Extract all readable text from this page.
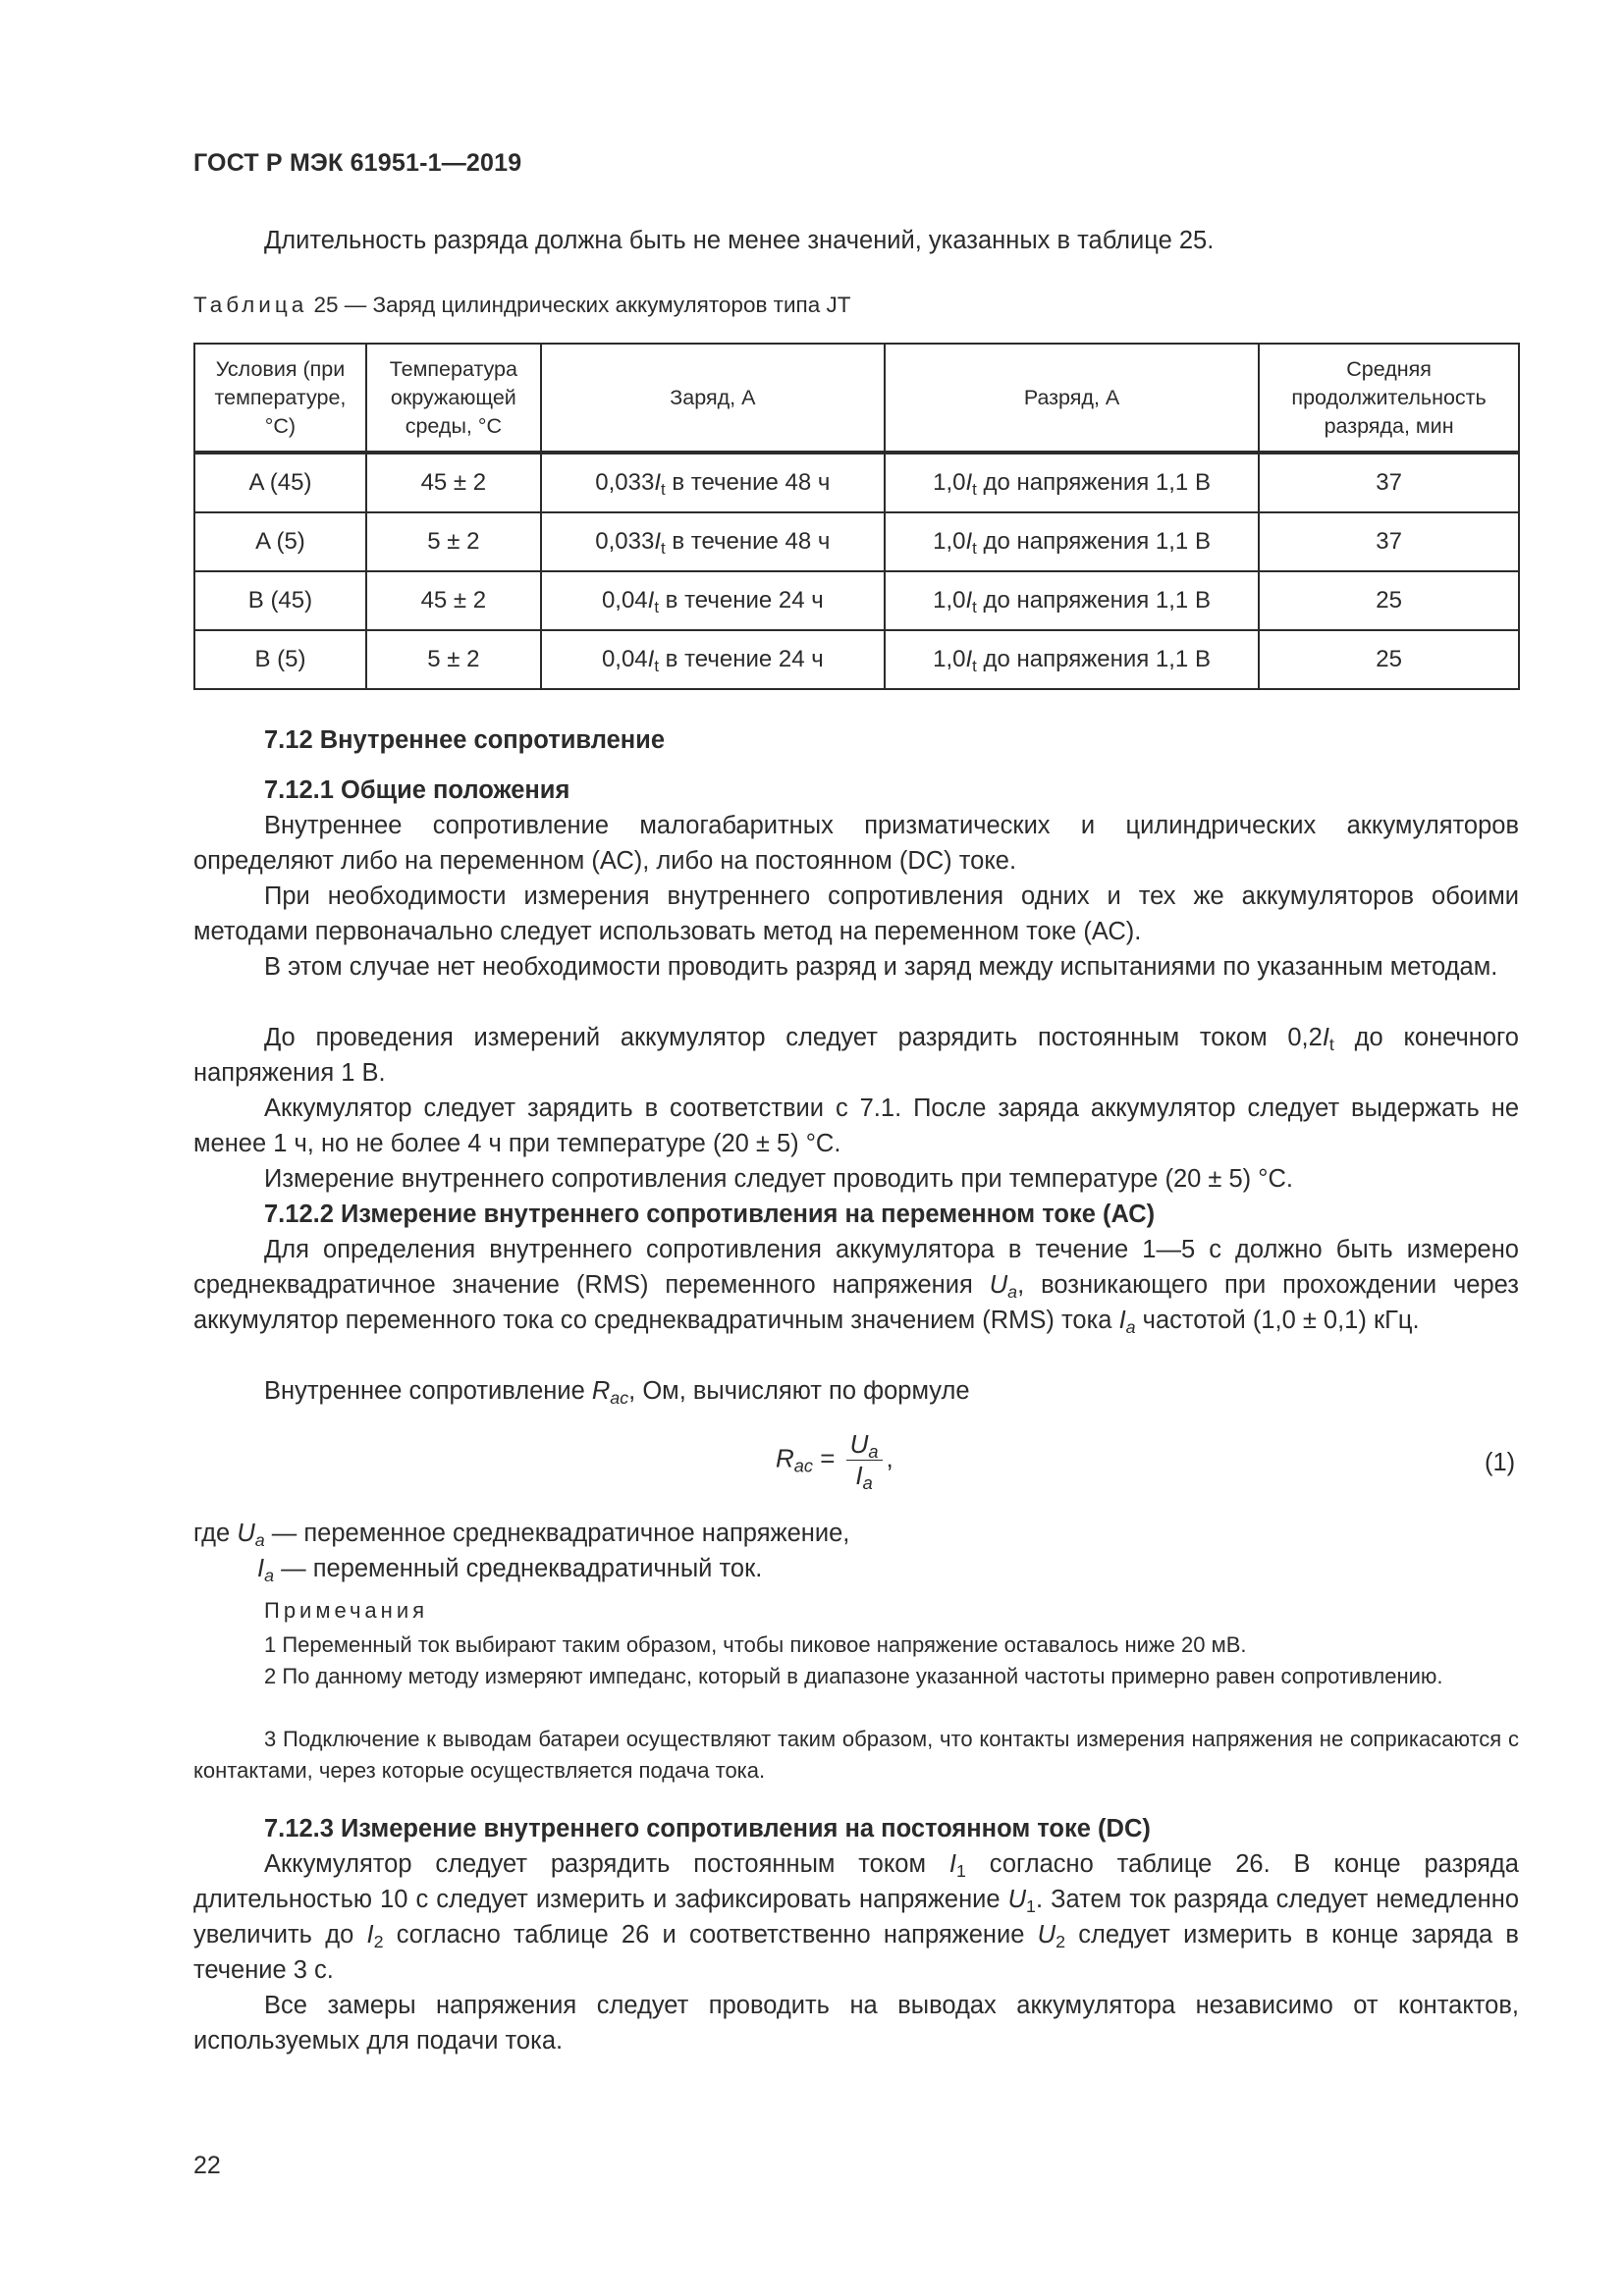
ГОСТ Р МЭК 61951-1—2019
Длительность разряда должна быть не менее значений, указанных в таблице 25.
Таблица 25 — Заряд цилиндрических аккумуляторов типа JT
Условия (при температуре, °С)	Температура окружающей среды, °С	Заряд, А	Разряд, А	Средняя продолжительность разряда, мин
A (45)	45 ± 2	$0,033I_t$ в течение 48 ч	$1,0I_t$ до напряжения 1,1 В	37
A (5)	5 ± 2	$0,033I_t$ в течение 48 ч	$1,0I_t$ до напряжения 1,1 В	37
B (45)	45 ± 2	$0,04I_t$ в течение 24 ч	$1,0I_t$ до напряжения 1,1 В	25
B (5)	5 ± 2	$0,04I_t$ в течение 24 ч	$1,0I_t$ до напряжения 1,1 В	25
7.12 Внутреннее сопротивление
7.12.1 Общие положения
Внутреннее сопротивление малогабаритных призматических и цилиндрических аккумуляторов определяют либо на переменном (АС), либо на постоянном (DC) токе.
При необходимости измерения внутреннего сопротивления одних и тех же аккумуляторов обоими методами первоначально следует использовать метод на переменном токе (АС).
В этом случае нет необходимости проводить разряд и заряд между испытаниями по указанным методам.
До проведения измерений аккумулятор следует разрядить постоянным током $0,2I_t$ до конечного напряжения 1 В.
Аккумулятор следует зарядить в соответствии с 7.1. После заряда аккумулятор следует выдержать не менее 1 ч, но не более 4 ч при температуре (20 ± 5) °С.
Измерение внутреннего сопротивления следует проводить при температуре (20 ± 5) °С.
7.12.2 Измерение внутреннего сопротивления на переменном токе (АС)
Для определения внутреннего сопротивления аккумулятора в течение 1—5 с должно быть измерено среднеквадратичное значение (RMS) переменного напряжения $U_a$, возникающего при прохождении через аккумулятор переменного тока со среднеквадратичным значением (RMS) тока $I_a$ частотой (1,0 ± 0,1) кГц.
Внутреннее сопротивление $R_{ac}$, Ом, вычисляют по формуле
$R_{ac} = \frac{U_a}{I_a}$ ,	(1)
где $U_a$ — переменное среднеквадратичное напряжение,
$I_a$ — переменный среднеквадратичный ток.
Примечания
1 Переменный ток выбирают таким образом, чтобы пиковое напряжение оставалось ниже 20 мВ.
2 По данному методу измеряют импеданс, который в диапазоне указанной частоты примерно равен сопротивлению.
3 Подключение к выводам батареи осуществляют таким образом, что контакты измерения напряжения не соприкасаются с контактами, через которые осуществляется подача тока.
7.12.3 Измерение внутреннего сопротивления на постоянном токе (DC)
Аккумулятор следует разрядить постоянным током $I_1$ согласно таблице 26. В конце разряда длительностью 10 с следует измерить и зафиксировать напряжение $U_1$. Затем ток разряда следует немедленно увеличить до $I_2$ согласно таблице 26 и соответственно напряжение $U_2$ следует измерить в конце заряда в течение 3 с.
Все замеры напряжения следует проводить на выводах аккумулятора независимо от контактов, используемых для подачи тока.
22
